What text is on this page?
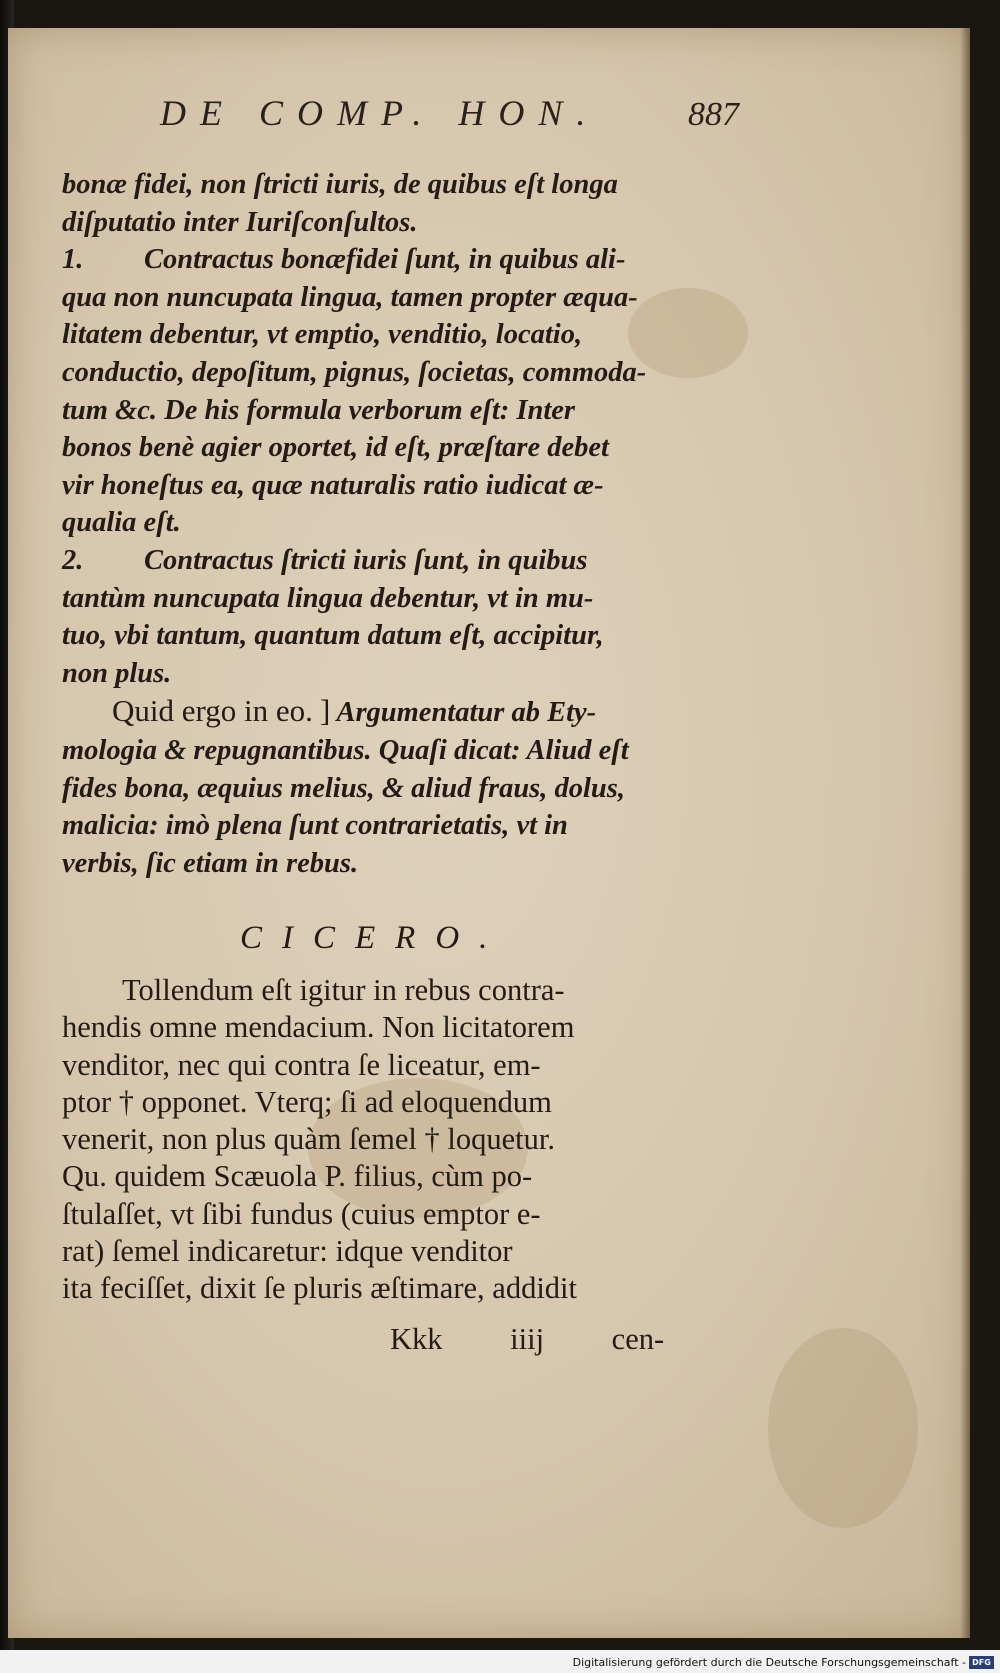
DE COMP. HON.	887
bonæ fidei, non ſtricti iuris, de quibus eſt longa
diſputatio inter Iuriſconſultos.
1. Contractus bonæfidei ſunt, in quibus ali-
qua non nuncupata lingua, tamen propter æqua-
litatem debentur, vt emptio, venditio, locatio,
conductio, depoſitum, pignus, ſocietas, commoda-
tum &c. De his formula verborum eſt: Inter
bonos benè agier oportet, id eſt, præſtare debet
vir honeſtus ea, quæ naturalis ratio iudicat æ-
qualia eſt.
2. Contractus ſtricti iuris ſunt, in quibus
tantùm nuncupata lingua debentur, vt in mu-
tuo, vbi tantum, quantum datum eſt, accipitur,
non plus.
Quid ergo in eo. ] Argumentatur ab Ety-
mologia & repugnantibus. Quaſi dicat: Aliud eſt
fides bona, æquius melius, & aliud fraus, dolus,
malicia: imò plena ſunt contrarietatis, vt in
verbis, ſic etiam in rebus.
CICERO.
Tollendum eſt igitur in rebus contra-
hendis omne mendacium. Non licitatorem
venditor, nec qui contra ſe liceatur, em-
ptor † opponet. Vterq; ſi ad eloquendum
venerit, non plus quàm ſemel † loquetur.
Qu. quidem Scæuola P. filius, cùm po-
ſtulaſſet, vt ſibi fundus (cuius emptor e-
rat) ſemel indicaretur: idque venditor
ita feciſſet, dixit ſe pluris æſtimare, addidit
Kkk iiij cen-
Digitalisierung gefördert durch die Deutsche Forschungsgemeinschaft - DFG
